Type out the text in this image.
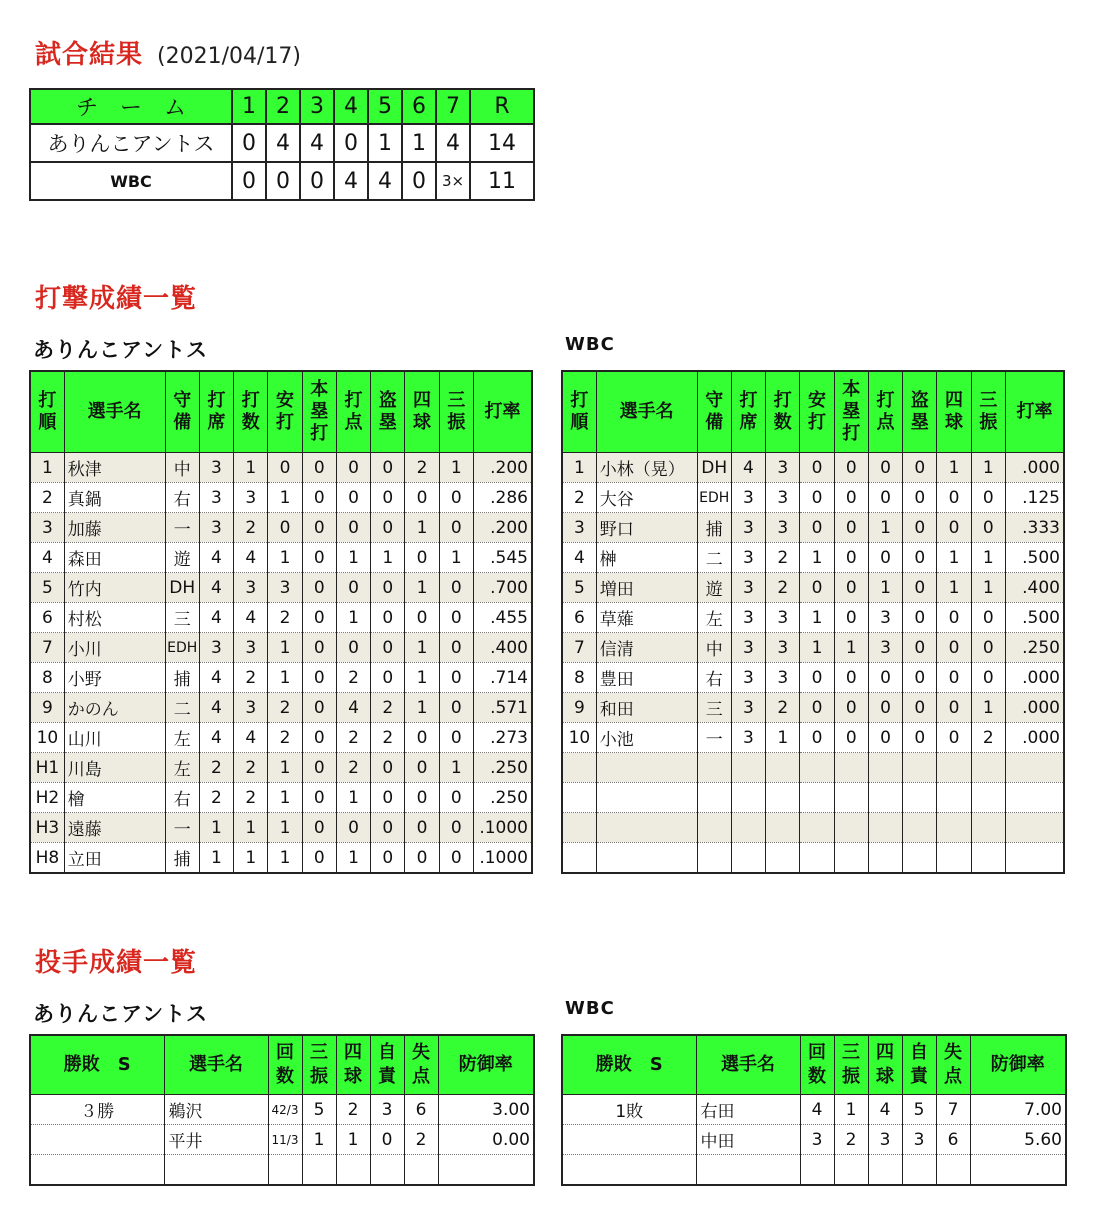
試合結果 (2021/04/17)
チ　ー　ム	1	2	3	4	5	6	7	R
ありんこアントス	0	4	4	0	1	1	4	14
WBC	0	0	0	4	4	0	3×	11
打撃成績一覧
ありんこアントス	WBC
打順	選手名	守備	打席	打数	安打	本塁打	打点	盗塁	四球	三振	打率
1	秋津	中	3	1	0	0	0	0	2	1	.200
2	真鍋	右	3	3	1	0	0	0	0	0	.286
3	加藤	一	3	2	0	0	0	0	1	0	.200
4	森田	遊	4	4	1	0	1	1	0	1	.545
5	竹内	DH	4	3	3	0	0	0	1	0	.700
6	村松	三	4	4	2	0	1	0	0	0	.455
7	小川	EDH	3	3	1	0	0	0	1	0	.400
8	小野	捕	4	2	1	0	2	0	1	0	.714
9	かのん	二	4	3	2	0	4	2	1	0	.571
10	山川	左	4	4	2	0	2	2	0	0	.273
H1	川島	左	2	2	1	0	2	0	0	1	.250
H2	檜	右	2	2	1	0	1	0	0	0	.250
H3	遠藤	一	1	1	1	0	0	0	0	0	.1000
H8	立田	捕	1	1	1	0	1	0	0	0	.1000
打順	選手名	守備	打席	打数	安打	本塁打	打点	盗塁	四球	三振	打率
1	小林（晃）	DH	4	3	0	0	0	0	1	1	.000
2	大谷	EDH	3	3	0	0	0	0	0	0	.125
3	野口	捕	3	3	0	0	1	0	0	0	.333
4	榊	二	3	2	1	0	0	0	1	1	.500
5	増田	遊	3	2	0	0	1	0	1	1	.400
6	草薙	左	3	3	1	0	3	0	0	0	.500
7	信清	中	3	3	1	1	3	0	0	0	.250
8	豊田	右	3	3	0	0	0	0	0	0	.000
9	和田	三	3	2	0	0	0	0	0	1	.000
10	小池	一	3	1	0	0	0	0	0	2	.000

投手成績一覧
ありんこアントス	WBC
勝敗　S	選手名	回数	三振	四球	自責	失点	防御率
３勝	鵜沢	42/3	5	2	3	6	3.00
	平井	11/3	1	1	0	2	0.00

勝敗　S	選手名	回数	三振	四球	自責	失点	防御率
1敗	右田	4	1	4	5	7	7.00
	中田	3	2	3	3	6	5.60
